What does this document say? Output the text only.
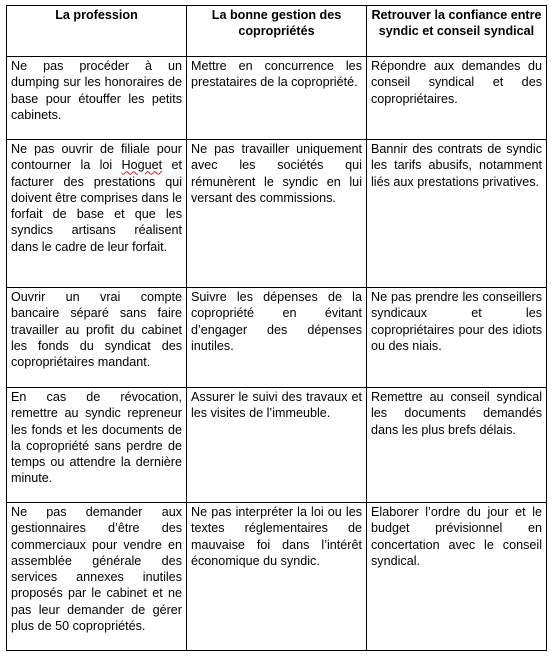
La profession	La bonne gestion des copropriétés	Retrouver la confiance entre syndic et conseil syndical
Ne pas procéder à un dumping sur les honoraires de base pour étouffer les petits cabinets.	Mettre en concurrence les prestataires de la copropriété.	Répondre aux demandes du conseil syndical et des copropriétaires.
Ne pas ouvrir de filiale pour contourner la loi Hoguet et facturer des prestations qui doivent être comprises dans le forfait de base et que les syndics artisans réalisent dans le cadre de leur forfait.	Ne pas travailler uniquement avec les sociétés qui rémunèrent le syndic en lui versant des commissions.	Bannir des contrats de syndic les tarifs abusifs, notamment liés aux prestations privatives.
Ouvrir un vrai compte bancaire séparé sans faire travailler au profit du cabinet les fonds du syndicat des copropriétaires mandant.	Suivre les dépenses de la copropriété en évitant d’engager des dépenses inutiles.	Ne pas prendre les conseillers syndicaux et les copropriétaires pour des idiots ou des niais.
En cas de révocation, remettre au syndic repreneur les fonds et les documents de la copropriété sans perdre de temps ou attendre la dernière minute.	Assurer le suivi des travaux et les visites de l’immeuble.	Remettre au conseil syndical les documents demandés dans les plus brefs délais.
Ne pas demander aux gestionnaires d’être des commerciaux pour vendre en assemblée générale des services annexes inutiles proposés par le cabinet et ne pas leur demander de gérer plus de 50 copropriétés.	Ne pas interpréter la loi ou les textes réglementaires de mauvaise foi dans l’intérêt économique du syndic.	Elaborer l’ordre du jour et le budget prévisionnel en concertation avec le conseil syndical.
